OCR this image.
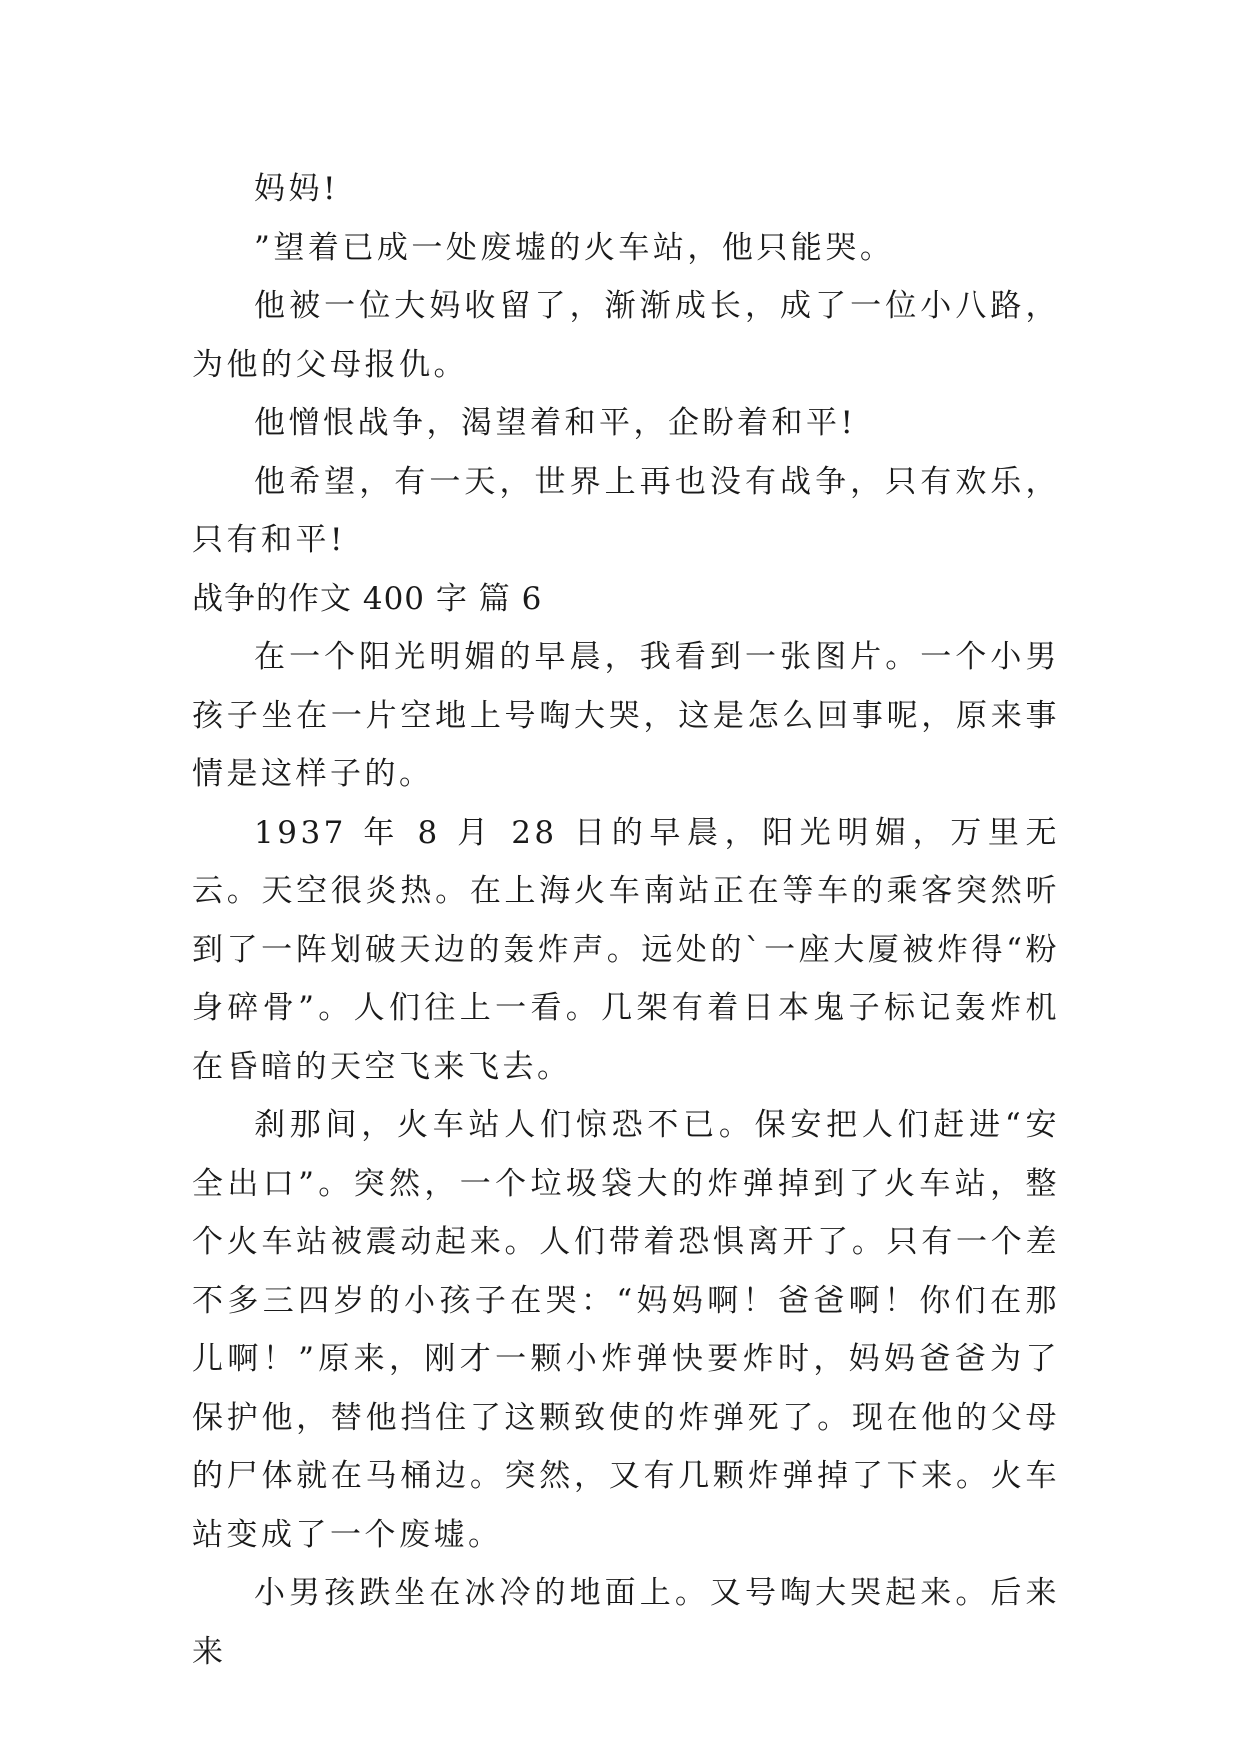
妈妈!

”望着已成一处废墟的火车站，他只能哭。

他被一位大妈收留了，渐渐成长，成了一位小八路，为他的父母报仇。

他憎恨战争，渴望着和平，企盼着和平!

他希望，有一天，世界上再也没有战争，只有欢乐，只有和平!

战争的作文 400 字 篇 6

在一个阳光明媚的早晨，我看到一张图片。一个小男孩子坐在一片空地上号啕大哭，这是怎么回事呢，原来事情是这样子的。

1937 年 8 月 28 日的早晨，阳光明媚，万里无云。天空很炎热。在上海火车南站正在等车的乘客突然听到了一阵划破天边的轰炸声。远处的`一座大厦被炸得“粉身碎骨”。人们往上一看。几架有着日本鬼子标记轰炸机在昏暗的天空飞来飞去。

刹那间，火车站人们惊恐不已。保安把人们赶进“安全出口”。突然，一个垃圾袋大的炸弹掉到了火车站，整个火车站被震动起来。人们带着恐惧离开了。只有一个差不多三四岁的小孩子在哭：“妈妈啊！爸爸啊！你们在那儿啊！”原来，刚才一颗小炸弹快要炸时，妈妈爸爸为了保护他，替他挡住了这颗致使的炸弹死了。现在他的父母的尸体就在马桶边。突然，又有几颗炸弹掉了下来。火车站变成了一个废墟。

小男孩跌坐在冰冷的地面上。又号啕大哭起来。后来来
